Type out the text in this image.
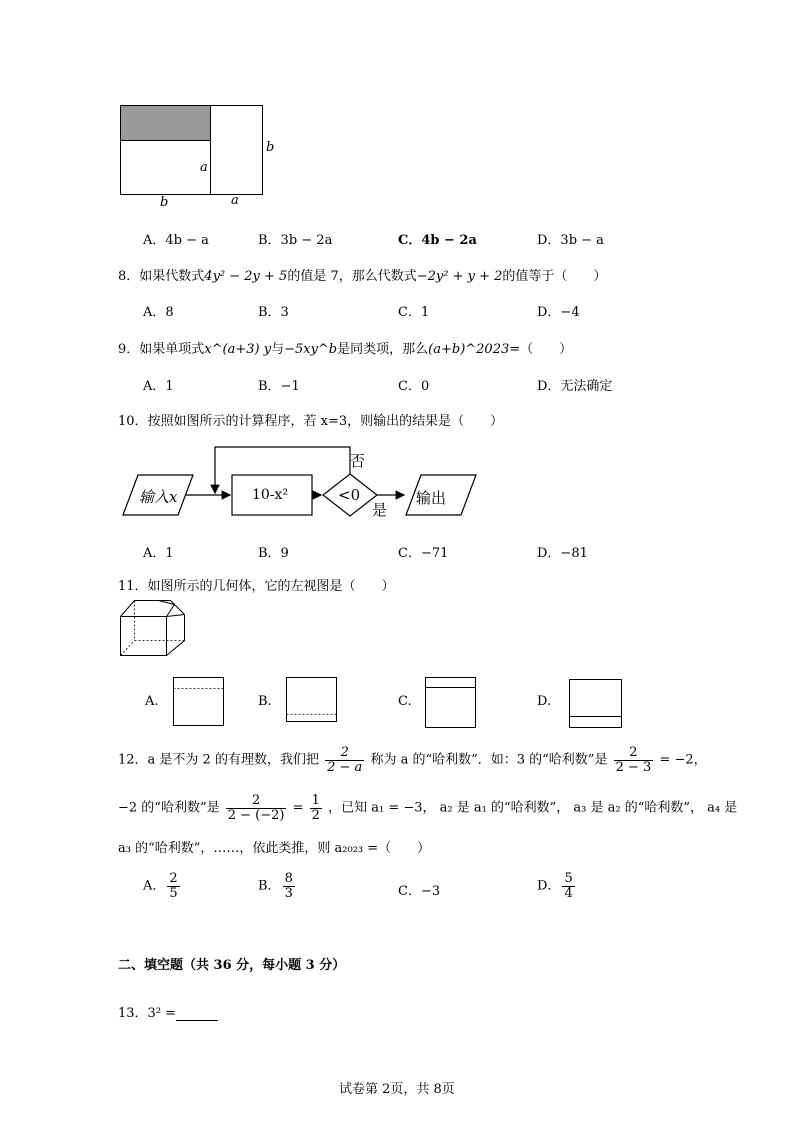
b
a
b	a
A．4b − a	B．3b − 2a	C．4b − 2a	D．3b − a
8．如果代数式4y² − 2y + 5的值是 7，那么代数式−2y² + y + 2的值等于（　　）
A．8	B．3	C．1	D．−4
9．如果单项式x^(a+3) y与−5xy^b是同类项，那么(a+b)^2023=（　　）
A．1	B．−1	C．0	D．无法确定
10．按照如图所示的计算程序，若 x=3，则输出的结果是（　　）
输入x	10-x²	<0	输出
否
是
A．1	B．9	C．−71	D．−81
11．如图所示的几何体，它的左视图是（　　）
A.	B.	C.	D.
12．a 是不为 2 的有理数，我们把 $\frac{2}{2 - a}$ 称为 a 的“哈利数”．如：3 的“哈利数”是 $\frac{2}{2 - 3} = -2$，
−2 的“哈利数”是 $\frac{2}{2 - (-2)} = \frac{1}{2}$ ，已知 a₁ = −3， a₂ 是 a₁ 的“哈利数”， a₃ 是 a₂ 的“哈利数”， a₄ 是
a₃ 的“哈利数”，……，依此类推，则 a₂₀₂₃ =（　　）
A． $\frac{2}{5}$	B． $\frac{8}{3}$	C．−3	D． $\frac{5}{4}$
二、填空题（共 36 分，每小题 3 分）
13．3² =
试卷第 2页，共 8页
